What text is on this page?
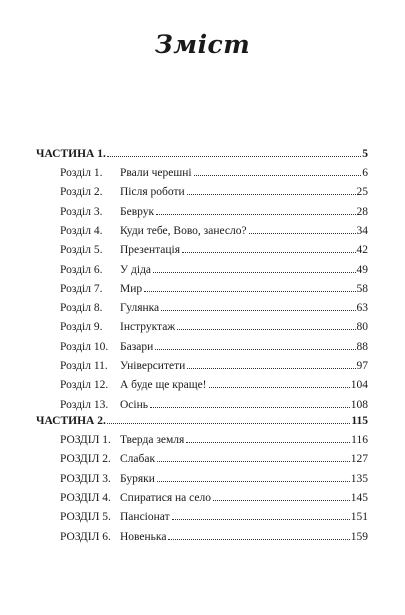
Зміст
ЧАСТИНА 1.	5
Розділ 1.	Рвали черешні	6
Розділ 2.	Після роботи	25
Розділ 3.	Беврук	28
Розділ 4.	Куди тебе, Вово, занесло?	34
Розділ 5.	Презентація	42
Розділ 6.	У діда	49
Розділ 7.	Мир	58
Розділ 8.	Гулянка	63
Розділ 9.	Інструктаж	80
Розділ 10.	Базари	88
Розділ 11.	Університети	97
Розділ 12.	А буде ще краще!	104
Розділ 13.	Осінь	108
ЧАСТИНА 2.	115
РОЗДІЛ 1. Тверда земля	116
РОЗДІЛ 2. Слабак	127
РОЗДІЛ 3. Буряки	135
РОЗДІЛ 4. Спиратися на село	145
РОЗДІЛ 5. Пансіонат	151
РОЗДІЛ 6. Новенька	159
